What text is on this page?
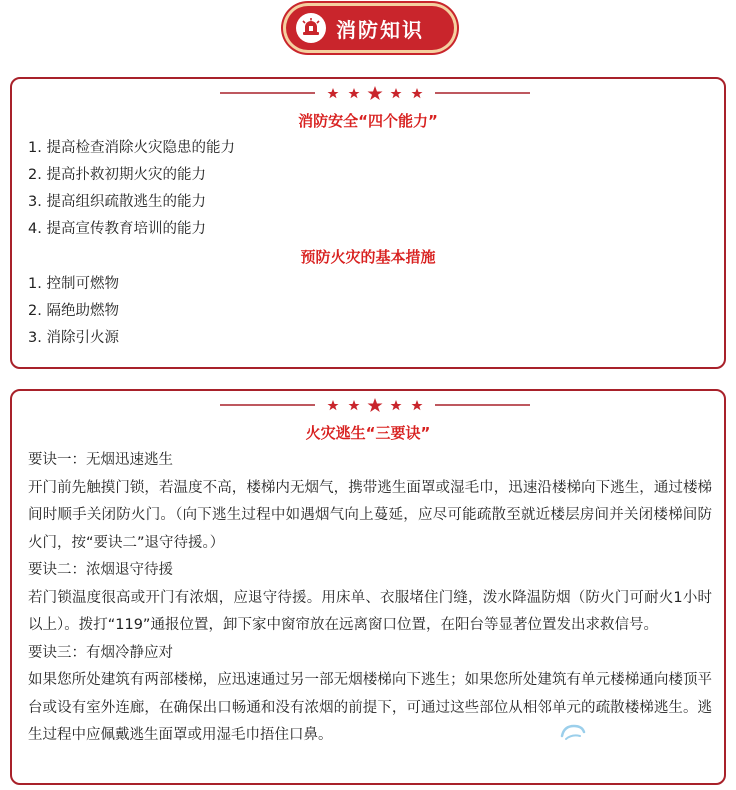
消防知识
消防安全“四个能力”
1. 提高检查消除火灾隐患的能力
2. 提高扑救初期火灾的能力
3. 提高组织疏散逃生的能力
4. 提高宣传教育培训的能力
预防火灾的基本措施
1. 控制可燃物
2. 隔绝助燃物
3. 消除引火源
火灾逃生“三要诀”
要诀一：无烟迅速逃生
开门前先触摸门锁，若温度不高，楼梯内无烟气，携带逃生面罩或湿毛巾，迅速沿楼梯向下逃生，通过楼梯间时顺手关闭防火门。（向下逃生过程中如遇烟气向上蔓延，应尽可能疏散至就近楼层房间并关闭楼梯间防火门，按“要诀二”退守待援。）
要诀二：浓烟退守待援
若门锁温度很高或开门有浓烟，应退守待援。用床单、衣服堵住门缝，泼水降温防烟（防火门可耐火1小时以上）。拨打“119”通报位置，卸下家中窗帘放在远离窗口位置，在阳台等显著位置发出求救信号。
要诀三：有烟冷静应对
如果您所处建筑有两部楼梯，应迅速通过另一部无烟楼梯向下逃生；如果您所处建筑有单元楼梯通向楼顶平台或设有室外连廊，在确保出口畅通和没有浓烟的前提下，可通过这些部位从相邻单元的疏散楼梯逃生。逃生过程中应佩戴逃生面罩或用湿毛巾捂住口鼻。
